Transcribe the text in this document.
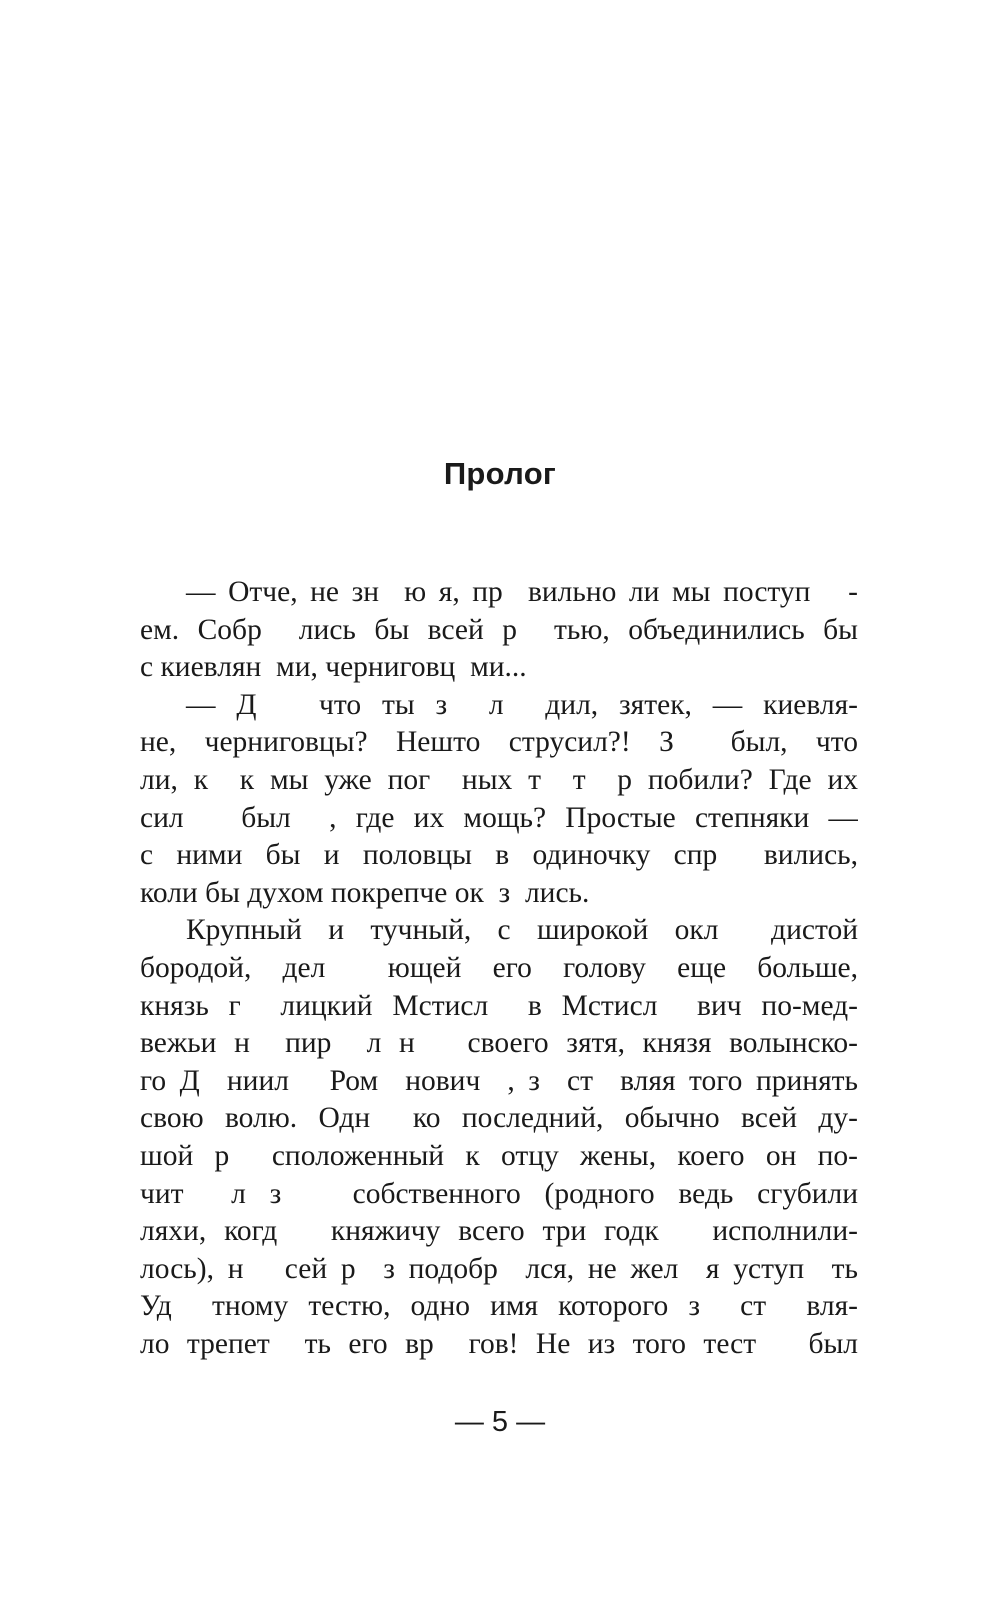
Пролог
— Отче, не зн  ю я, пр  вильно ли мы поступ   -
ем. Собр  лись бы всей р  тью, объединились бы
с киевлян  ми, черниговц  ми...
— Д   что ты з  л  дил, зятек, — киевля-
не, черниговцы? Нешто струсил?! З  был, что
ли, к  к мы уже пог  ных т  т  р побили? Где их
сил   был  , где их мощь? Простые степняки —
с ними бы и половцы в одиночку спр  вились,
коли бы духом покрепче ок  з  лись.
Крупный и тучный, с широкой окл  дистой
бородой, дел  ющей его голову еще больше,
князь г  лицкий Мстисл  в Мстисл  вич по-мед-
вежьи н  пир  л н   своего зятя, князя волынско-
го Д  ниил   Ром  нович  , з  ст  вляя того принять
свою волю. Одн  ко последний, обычно всей ду-
шой р  сположенный к отцу жены, коего он по-
чит  л з   собственного (родного ведь сгубили
ляхи, когд   княжичу всего три годк   исполнили-
лось), н   сей р  з подобр  лся, не жел  я уступ  ть
Уд  тному тестю, одно имя которого з  ст  вля-
ло трепет  ть его вр  гов! Не из того тест   был
— 5 —
